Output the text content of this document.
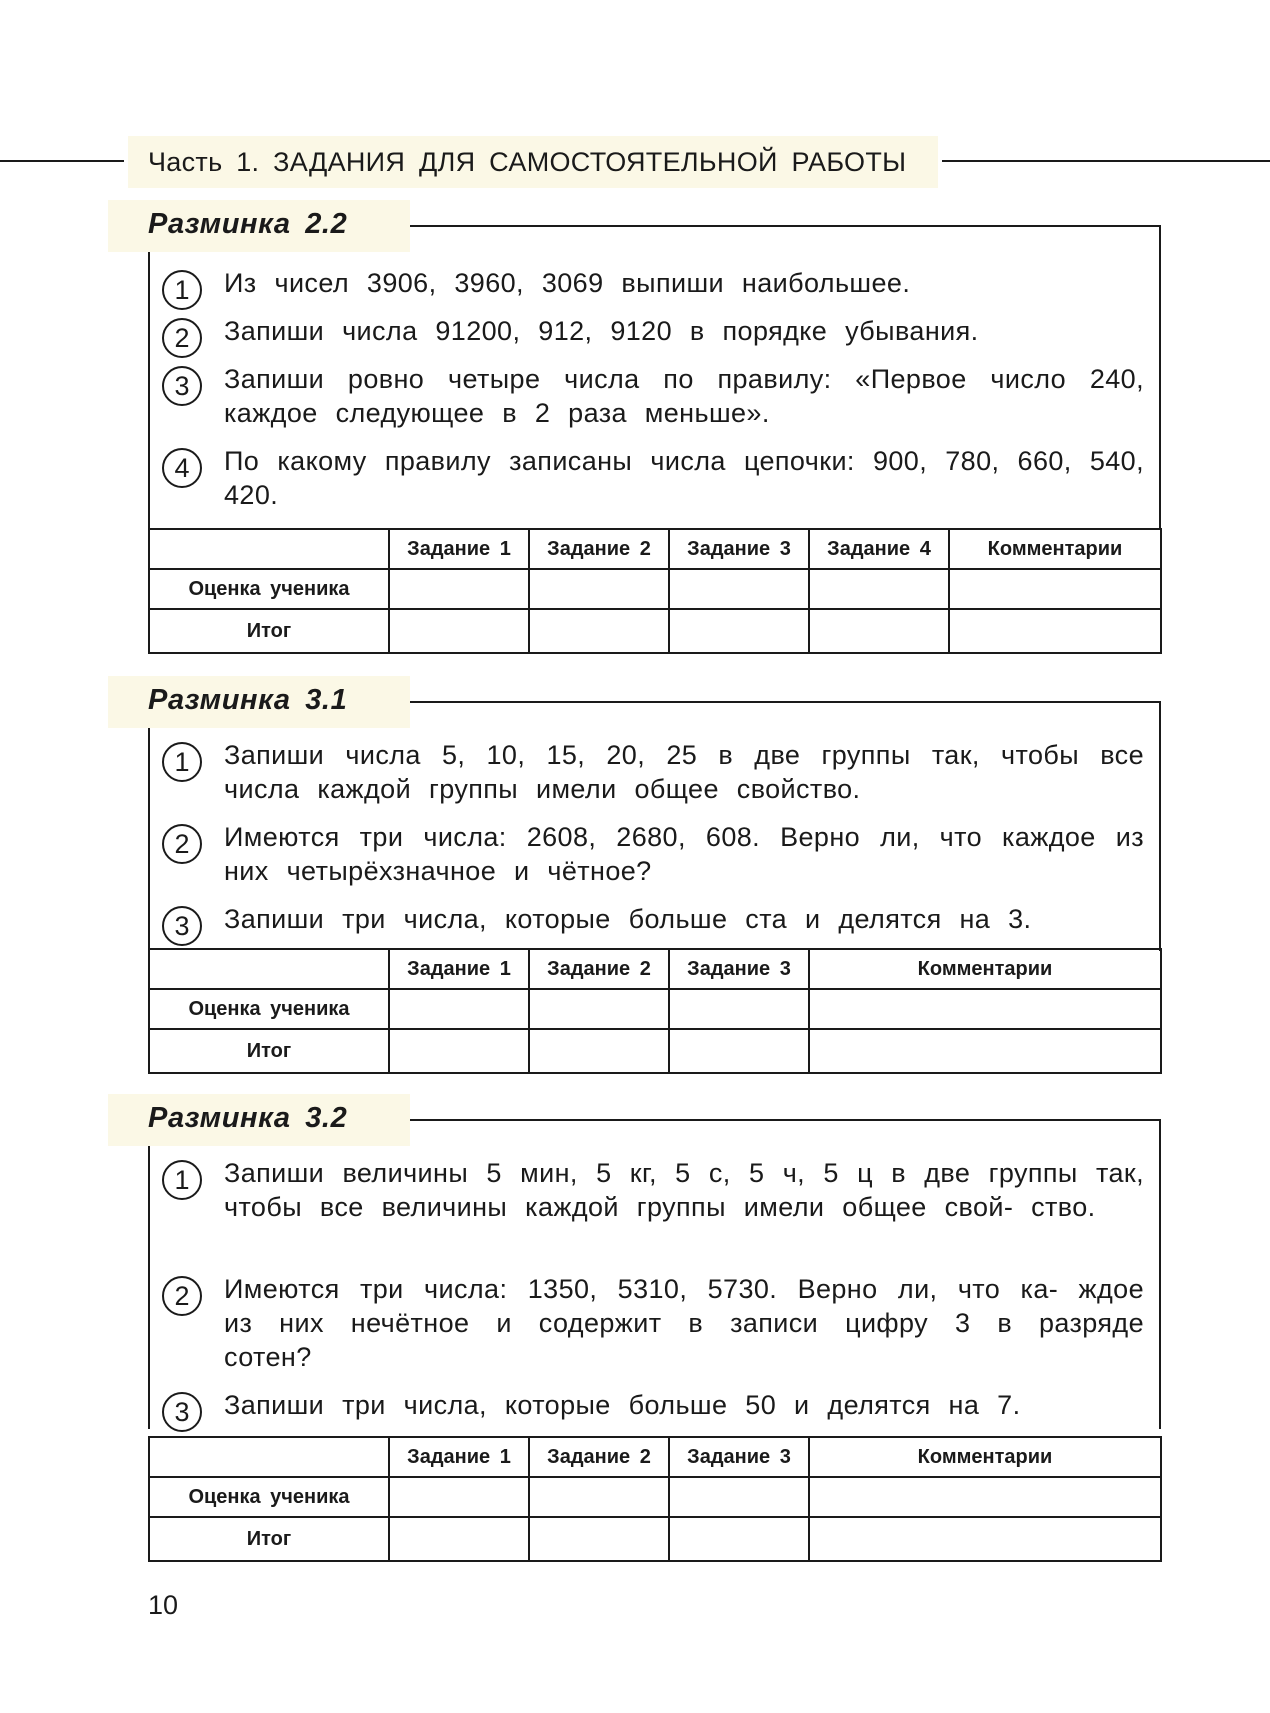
Часть 1. ЗАДАНИЯ ДЛЯ САМОСТОЯТЕЛЬНОЙ РАБОТЫ
Разминка 2.2
1	Из чисел 3906, 3960, 3069 выпиши наибольшее.
2	Запиши числа 91200, 912, 9120 в порядке убывания.
3	Запиши ровно четыре числа по правилу: «Первое число 240, каждое следующее в 2 раза меньше».
4	По какому правилу записаны числа цепочки: 900, 780, 660, 540, 420.
	Задание 1	Задание 2	Задание 3	Задание 4	Комментарии
Оценка ученика					
Итог					
Разминка 3.1
1	Запиши числа 5, 10, 15, 20, 25 в две группы так, чтобы все числа каждой группы имели общее свойство.
2	Имеются три числа: 2608, 2680, 608. Верно ли, что каждое из них четырёхзначное и чётное?
3	Запиши три числа, которые больше ста и делятся на 3.
	Задание 1	Задание 2	Задание 3	Комментарии
Оценка ученика				
Итог				
Разминка 3.2
1	Запиши величины 5 мин, 5 кг, 5 с, 5 ч, 5 ц в две группы так, чтобы все величины каждой группы имели общее свой- ство.
2	Имеются три числа: 1350, 5310, 5730. Верно ли, что ка- ждое из них нечётное и содержит в записи цифру 3 в разряде сотен?
3	Запиши три числа, которые больше 50 и делятся на 7.
	Задание 1	Задание 2	Задание 3	Комментарии
Оценка ученика				
Итог				
10
